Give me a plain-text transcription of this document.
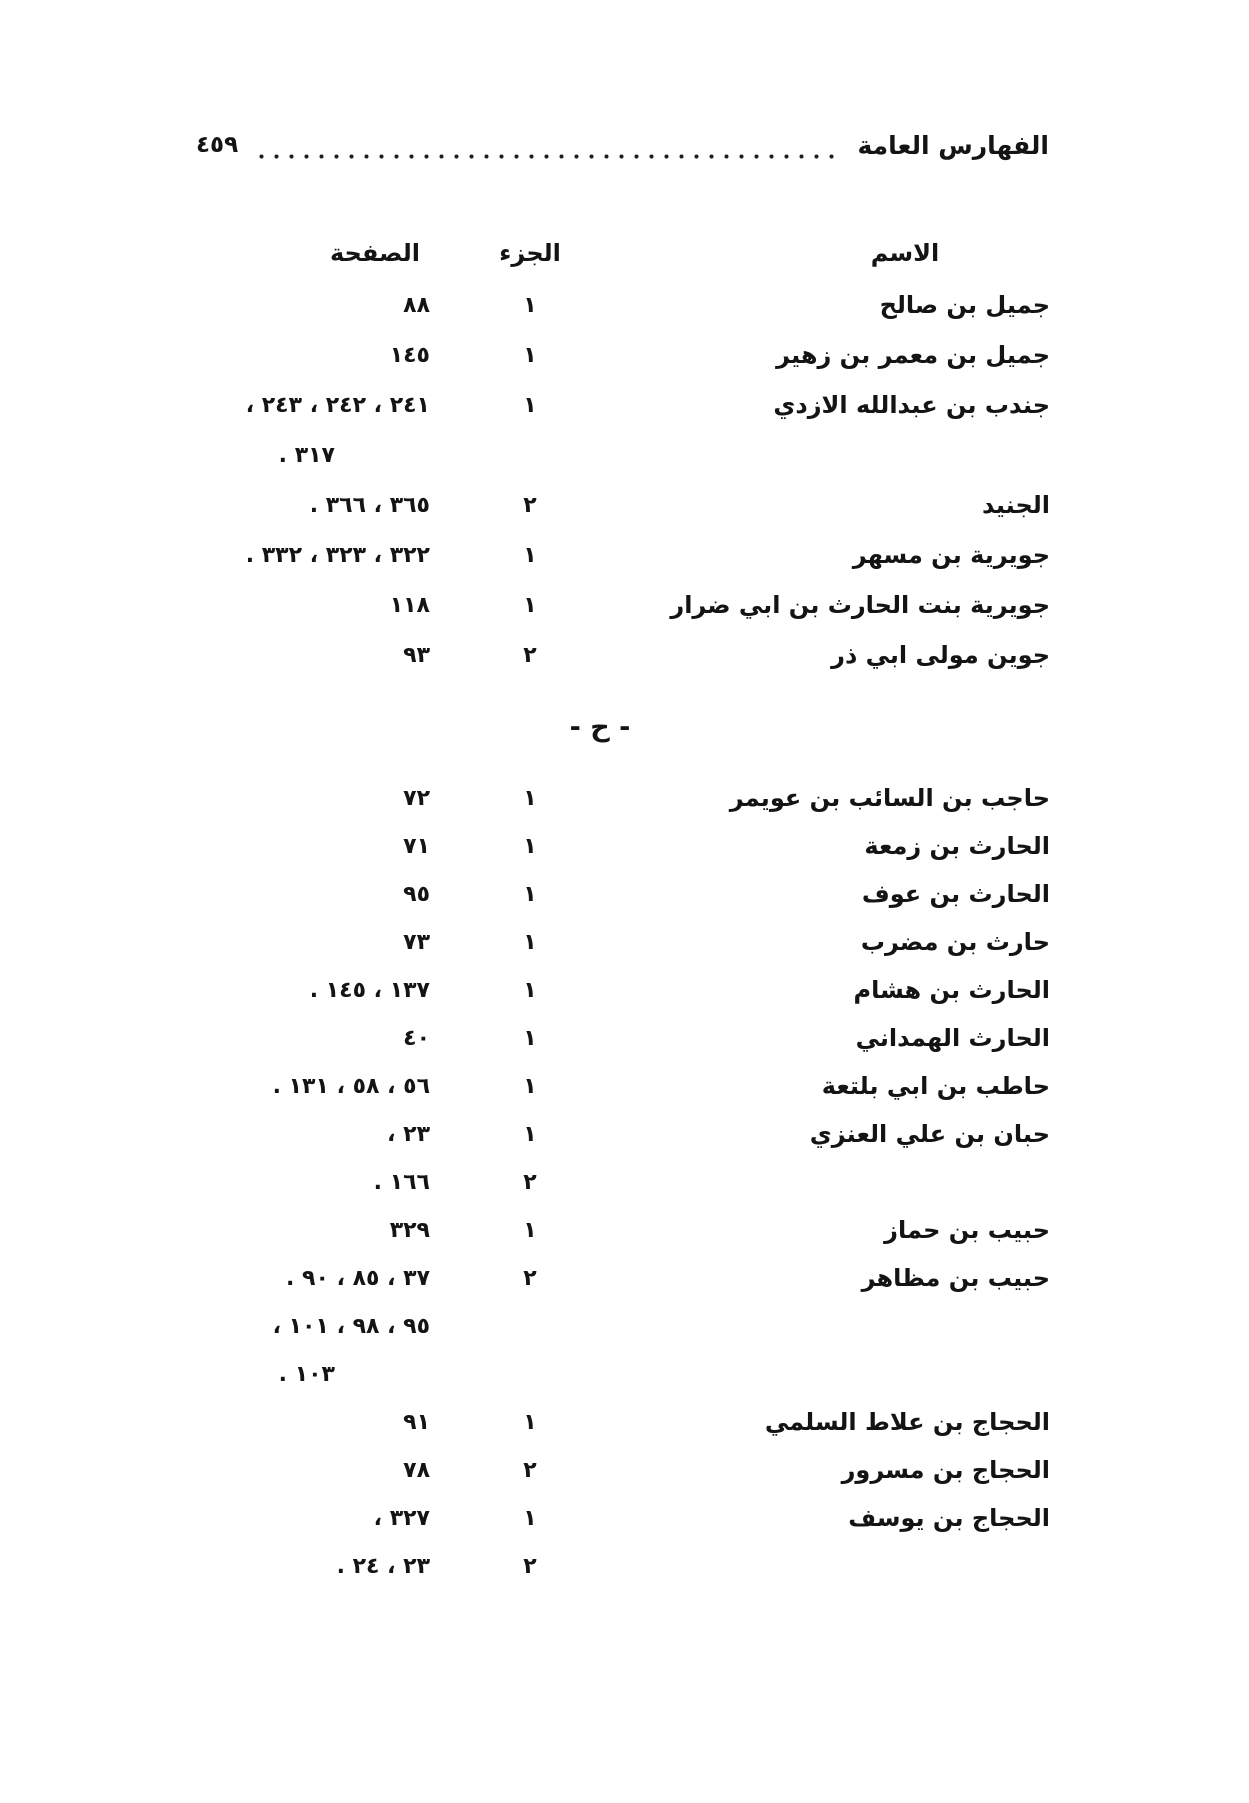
الفهارس العامة
٤٥٩
الاسم
الجزء
الصفحة
جميل بن صالح
١
٨٨
جميل بن معمر بن زهير
١
١٤٥
جندب بن عبدالله الازدي
١
٢٤١ ، ٢٤٢ ، ٢٤٣ ،
٣١٧ .
الجنيد
٢
٣٦٥ ، ٣٦٦ .
جويرية بن مسهر
١
٣٢٢ ، ٣٢٣ ، ٣٣٢ .
جويرية بنت الحارث بن ابي ضرار
١
١١٨
جوين مولى ابي ذر
٢
٩٣
- ح -
حاجب بن السائب بن عويمر
١
٧٢
الحارث بن زمعة
١
٧١
الحارث بن عوف
١
٩٥
حارث بن مضرب
١
٧٣
الحارث بن هشام
١
١٣٧ ، ١٤٥ .
الحارث الهمداني
١
٤٠
حاطب بن ابي بلتعة
١
٥٦ ، ٥٨ ، ١٣١ .
حبان بن علي العنزي
١
٢٣ ،
٢
١٦٦ .
حبيب بن حماز
١
٣٢٩
حبيب بن مظاهر
٢
٣٧ ، ٨٥ ، ٩٠ .
٩٥ ، ٩٨ ، ١٠١ ،
١٠٣ .
الحجاج بن علاط السلمي
١
٩١
الحجاج بن مسرور
٢
٧٨
الحجاج بن يوسف
١
٣٢٧ ،
٢
٢٣ ، ٢٤ .
